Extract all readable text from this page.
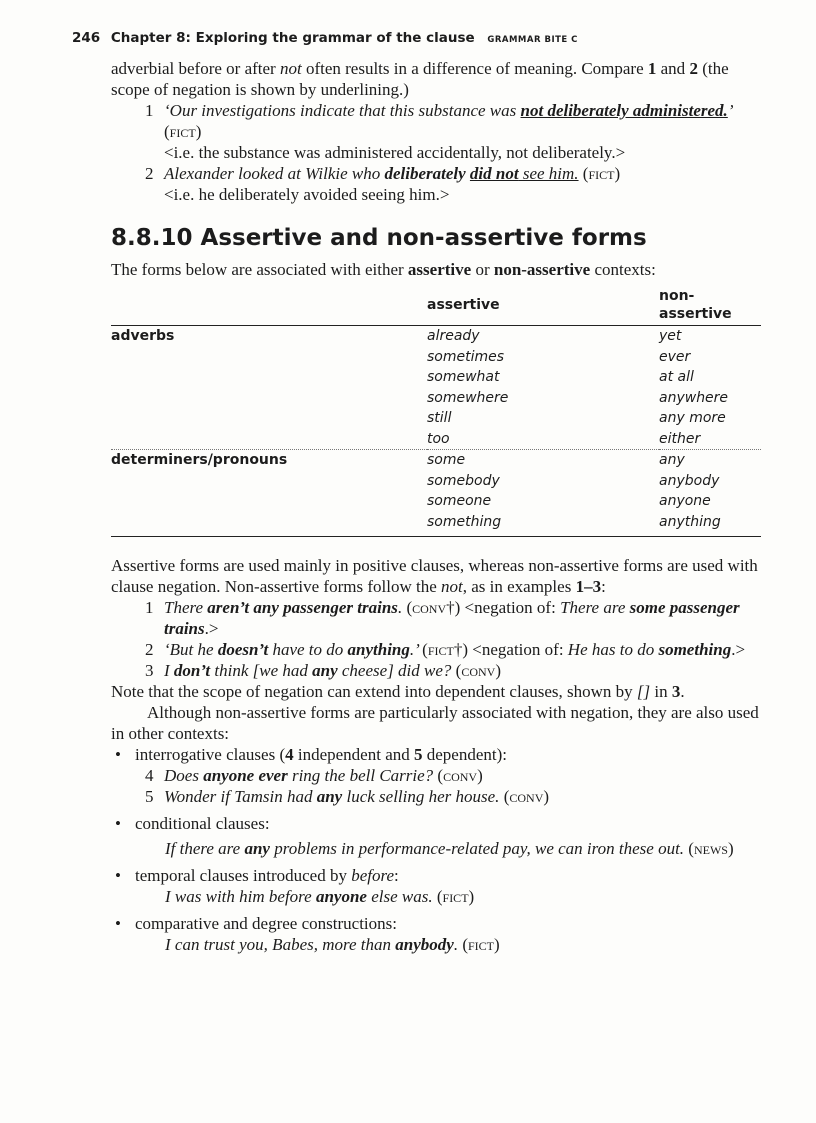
246 Chapter 8: Exploring the grammar of the clause GRAMMAR BITE C

adverbial before or after not often results in a difference of meaning. Compare 1 and 2 (the scope of negation is shown by underlining.)

1 ‘Our investigations indicate that this substance was not deliberately administered.’ (fict)
<i.e. the substance was administered accidentally, not deliberately.>
2 Alexander looked at Wilkie who deliberately did not see him. (fict)
<i.e. he deliberately avoided seeing him.>
8.8.10 Assertive and non-assertive forms

The forms below are associated with either assertive or non-assertive contexts:

	assertive	non-assertive
adverbs	already	yet
	sometimes	ever
	somewhat	at all
	somewhere	anywhere
	still	any more
	too	either
determiners/pronouns	some	any
	somebody	anybody
	someone	anyone
	something	anything

Assertive forms are used mainly in positive clauses, whereas non-assertive forms are used with clause negation. Non-assertive forms follow the not, as in examples 1–3:

1 There aren’t any passenger trains. (conv†) <negation of: There are some passenger trains.>
2 ‘But he doesn’t have to do anything.’ (fict†) <negation of: He has to do something.>
3 I don’t think [we had any cheese] did we? (conv)

Note that the scope of negation can extend into dependent clauses, shown by [] in 3.

Although non-assertive forms are particularly associated with negation, they are also used in other contexts:

• interrogative clauses (4 independent and 5 dependent):
4 Does anyone ever ring the bell Carrie? (conv)
5 Wonder if Tamsin had any luck selling her house. (conv)
• conditional clauses:
If there are any problems in performance-related pay, we can iron these out. (news)
• temporal clauses introduced by before:
I was with him before anyone else was. (fict)
• comparative and degree constructions:
I can trust you, Babes, more than anybody. (fict)
